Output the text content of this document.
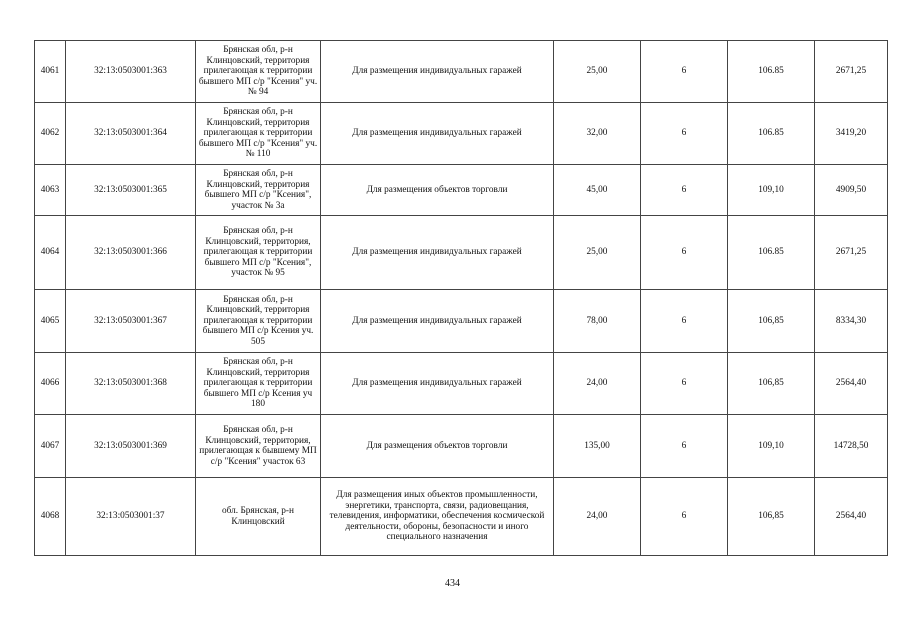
4061	32:13:0503001:363	Брянская обл, р-н Клинцовский, территория прилегающая к территории бывшего МП с/р "Ксения" уч.№ 94	Для размещения индивидуальных гаражей	25,00	6	106.85	2671,25
4062	32:13:0503001:364	Брянская обл, р-н Клинцовский, территория прилегающая к территории бывшего МП с/р "Ксения" уч. № 110	Для размещения индивидуальных гаражей	32,00	6	106.85	3419,20
4063	32:13:0503001:365	Брянская обл, р-н Клинцовский, территория бывшего МП с/р "Ксения", участок № 3а	Для размещения объектов торговли	45,00	6	109,10	4909,50
4064	32:13:0503001:366	Брянская обл, р-н Клинцовский, территория, прилегающая к территории бывшего МП с/р "Ксения", участок № 95	Для размещения индивидуальных гаражей	25,00	6	106.85	2671,25
4065	32:13:0503001:367	Брянская обл, р-н Клинцовский, территория прилегающая к территории бывшего МП с/р Ксения уч. 505	Для размещения индивидуальных гаражей	78,00	6	106,85	8334,30
4066	32:13:0503001:368	Брянская обл, р-н Клинцовский, территория прилегающая к территории бывшего МП с/р Ксения уч 180	Для размещения индивидуальных гаражей	24,00	6	106,85	2564,40
4067	32:13:0503001:369	Брянская обл, р-н Клинцовский, территория, прилегающая к бывшему МП с/р "Ксения" участок 63	Для размещения объектов торговли	135,00	6	109,10	14728,50
4068	32:13:0503001:37	обл. Брянская, р-н Клинцовский	Для размещения иных объектов промышленности, энергетики, транспорта, связи, радиовещания, телевидения, информатики, обеспечения космической деятельности, обороны, безопасности и иного специального назначения	24,00	6	106,85	2564,40
434
